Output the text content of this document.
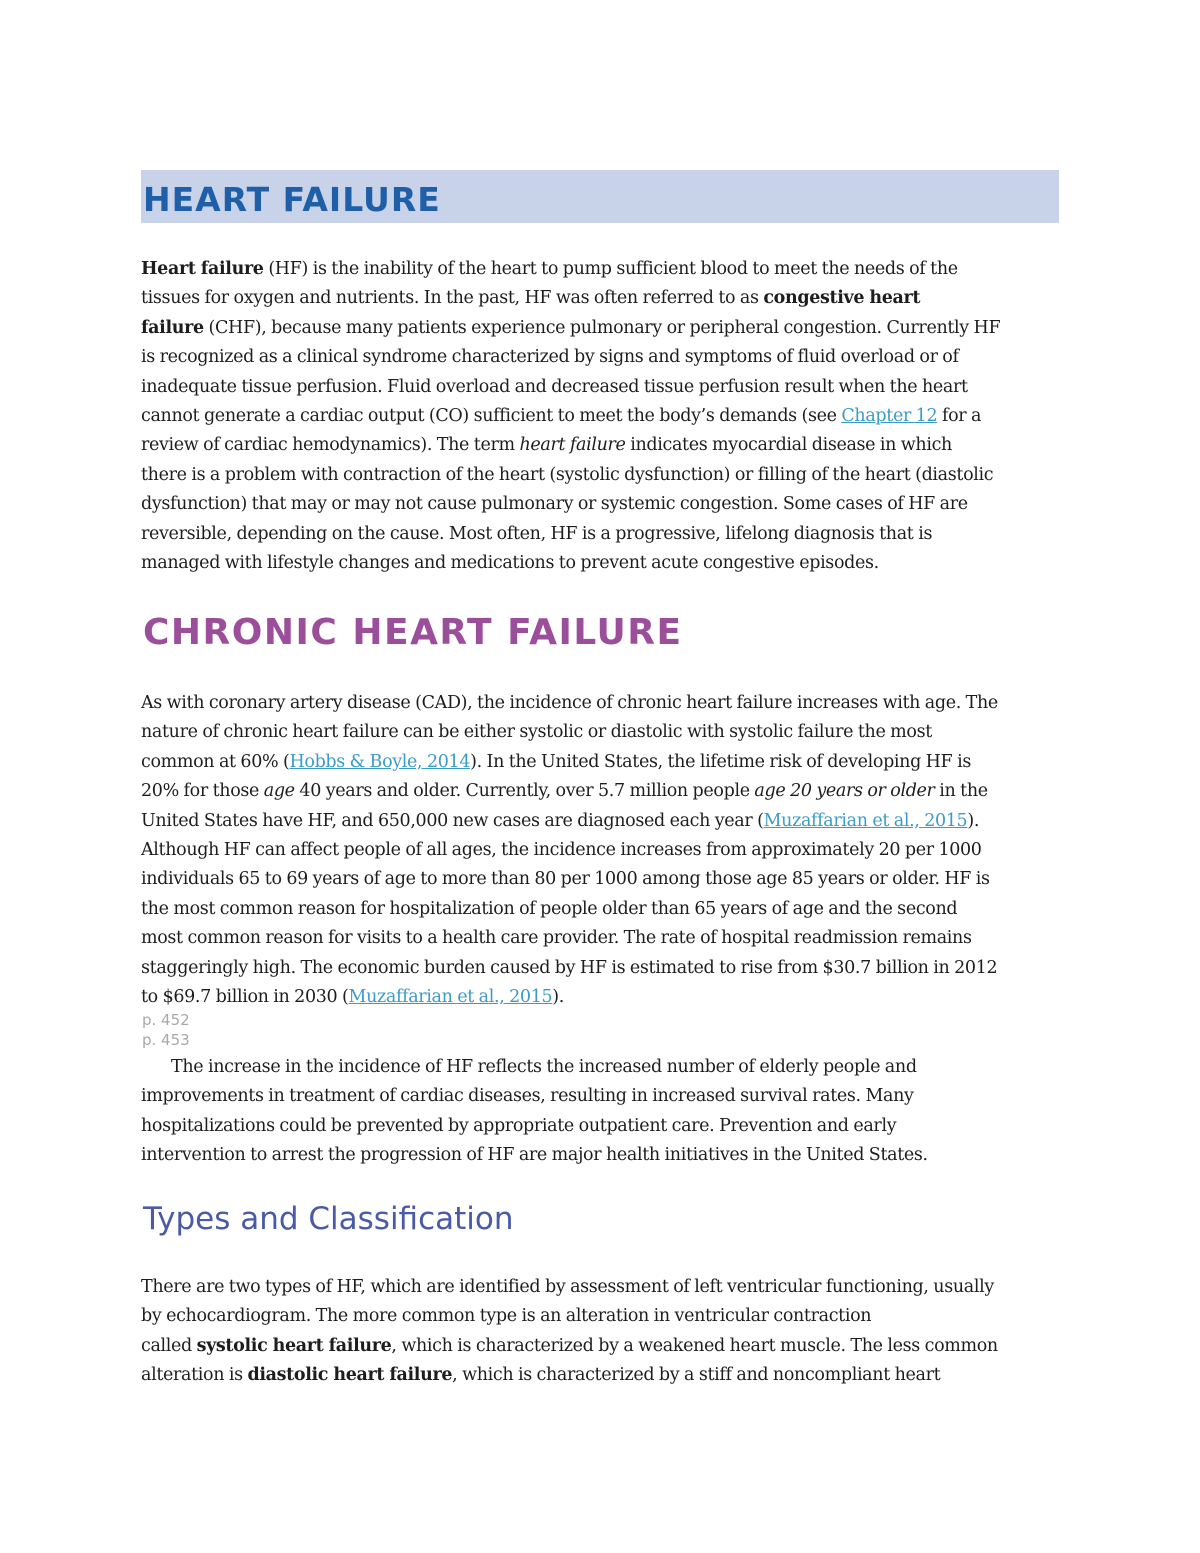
HEART FAILURE

Heart failure (HF) is the inability of the heart to pump sufficient blood to meet the needs of the
tissues for oxygen and nutrients. In the past, HF was often referred to as congestive heart
failure (CHF), because many patients experience pulmonary or peripheral congestion. Currently HF
is recognized as a clinical syndrome characterized by signs and symptoms of fluid overload or of
inadequate tissue perfusion. Fluid overload and decreased tissue perfusion result when the heart
cannot generate a cardiac output (CO) sufficient to meet the body’s demands (see Chapter 12 for a
review of cardiac hemodynamics). The term heart failure indicates myocardial disease in which
there is a problem with contraction of the heart (systolic dysfunction) or filling of the heart (diastolic
dysfunction) that may or may not cause pulmonary or systemic congestion. Some cases of HF are
reversible, depending on the cause. Most often, HF is a progressive, lifelong diagnosis that is
managed with lifestyle changes and medications to prevent acute congestive episodes.

CHRONIC HEART FAILURE

As with coronary artery disease (CAD), the incidence of chronic heart failure increases with age. The
nature of chronic heart failure can be either systolic or diastolic with systolic failure the most
common at 60% (Hobbs & Boyle, 2014). In the United States, the lifetime risk of developing HF is
20% for those age 40 years and older. Currently, over 5.7 million people age 20 years or older in the
United States have HF, and 650,000 new cases are diagnosed each year (Muzaffarian et al., 2015).
Although HF can affect people of all ages, the incidence increases from approximately 20 per 1000
individuals 65 to 69 years of age to more than 80 per 1000 among those age 85 years or older. HF is
the most common reason for hospitalization of people older than 65 years of age and the second
most common reason for visits to a health care provider. The rate of hospital readmission remains
staggeringly high. The economic burden caused by HF is estimated to rise from $30.7 billion in 2012
to $69.7 billion in 2030 (Muzaffarian et al., 2015).

p. 452

p. 453

The increase in the incidence of HF reflects the increased number of elderly people and
improvements in treatment of cardiac diseases, resulting in increased survival rates. Many
hospitalizations could be prevented by appropriate outpatient care. Prevention and early
intervention to arrest the progression of HF are major health initiatives in the United States.

Types and Classification

There are two types of HF, which are identified by assessment of left ventricular functioning, usually
by echocardiogram. The more common type is an alteration in ventricular contraction
called systolic heart failure, which is characterized by a weakened heart muscle. The less common
alteration is diastolic heart failure, which is characterized by a stiff and noncompliant heart
